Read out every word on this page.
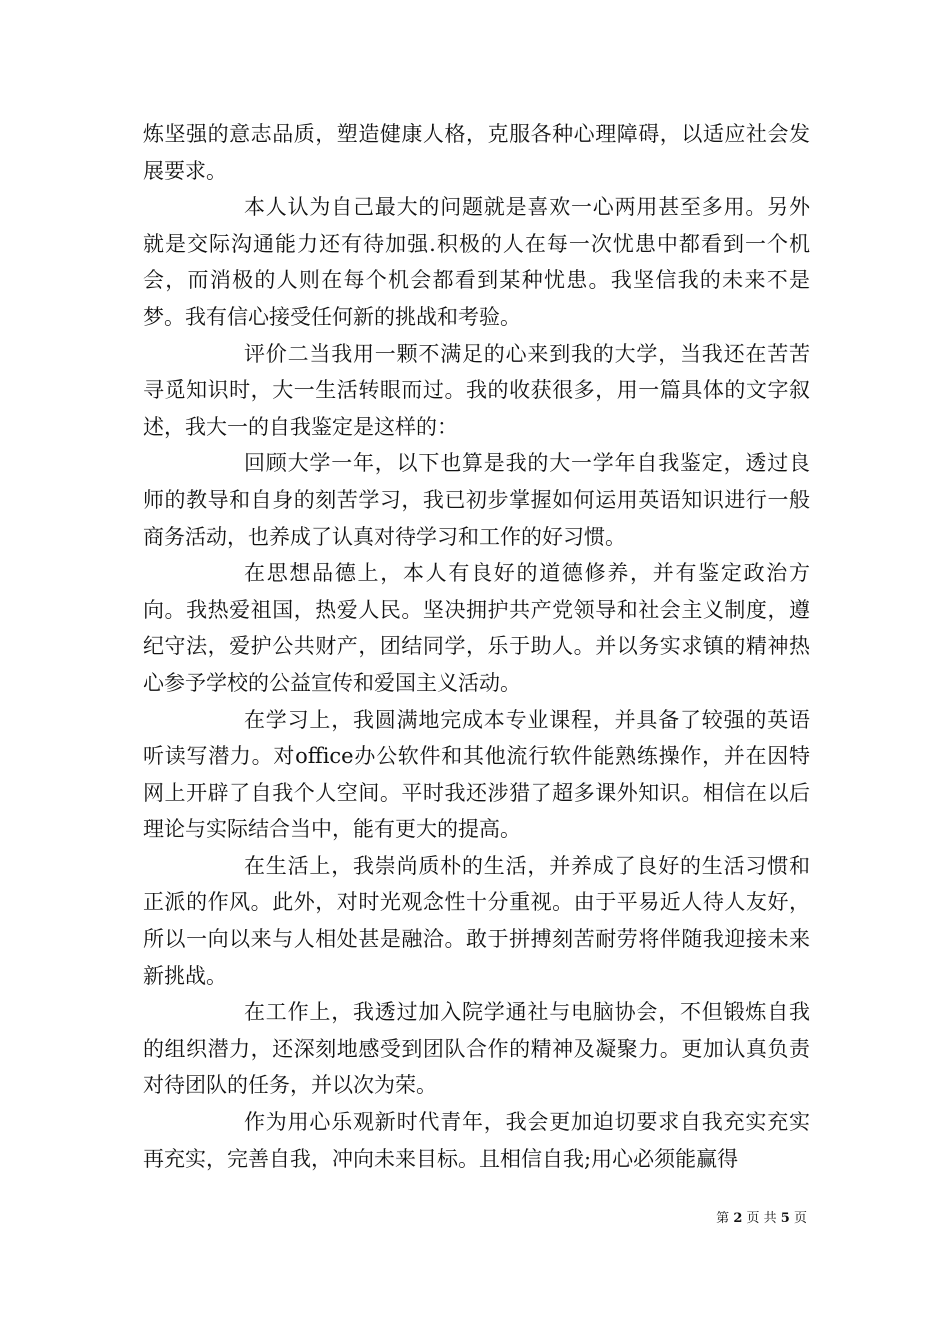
炼坚强的意志品质，塑造健康人格，克服各种心理障碍，以适应社会发展要求。

本人认为自己最大的问题就是喜欢一心两用甚至多用。另外就是交际沟通能力还有待加强.积极的人在每一次忧患中都看到一个机会，而消极的人则在每个机会都看到某种忧患。我坚信我的未来不是梦。我有信心接受任何新的挑战和考验。

评价二当我用一颗不满足的心来到我的大学，当我还在苦苦寻觅知识时，大一生活转眼而过。我的收获很多，用一篇具体的文字叙述，我大一的自我鉴定是这样的：

回顾大学一年，以下也算是我的大一学年自我鉴定，透过良师的教导和自身的刻苦学习，我已初步掌握如何运用英语知识进行一般商务活动，也养成了认真对待学习和工作的好习惯。

在思想品德上，本人有良好的道德修养，并有鉴定政治方向。我热爱祖国，热爱人民。坚决拥护共产党领导和社会主义制度，遵纪守法，爱护公共财产，团结同学，乐于助人。并以务实求镇的精神热心参予学校的公益宣传和爱国主义活动。

在学习上，我圆满地完成本专业课程，并具备了较强的英语听读写潜力。对office办公软件和其他流行软件能熟练操作，并在因特网上开辟了自我个人空间。平时我还涉猎了超多课外知识。相信在以后理论与实际结合当中，能有更大的提高。

在生活上，我崇尚质朴的生活，并养成了良好的生活习惯和正派的作风。此外，对时光观念性十分重视。由于平易近人待人友好，所以一向以来与人相处甚是融洽。敢于拼搏刻苦耐劳将伴随我迎接未来新挑战。

在工作上，我透过加入院学通社与电脑协会，不但锻炼自我的组织潜力，还深刻地感受到团队合作的精神及凝聚力。更加认真负责对待团队的任务，并以次为荣。

作为用心乐观新时代青年，我会更加迫切要求自我充实充实再充实，完善自我，冲向未来目标。且相信自我;用心必须能赢得

第 2 页 共 5 页
